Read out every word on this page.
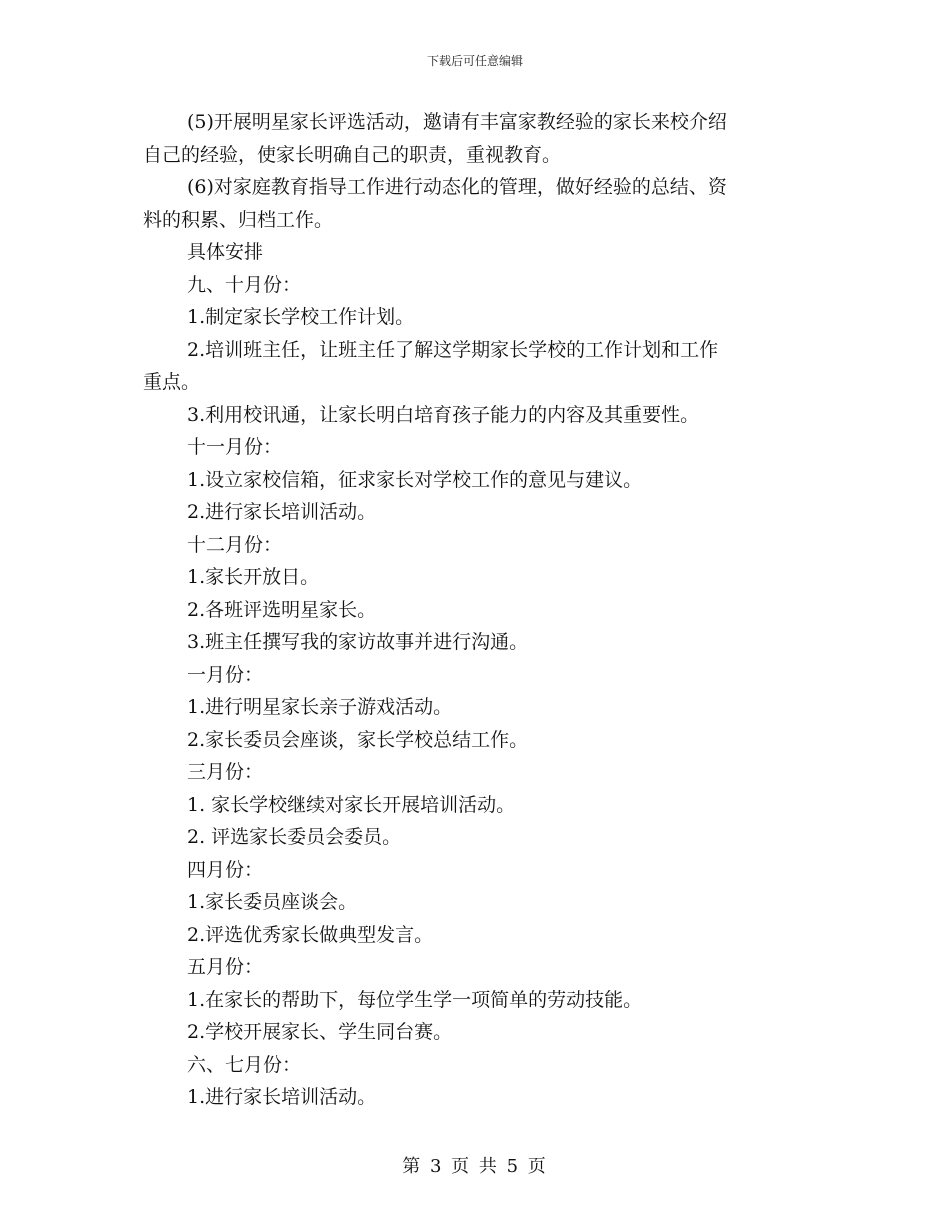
下载后可任意编辑
(5)开展明星家长评选活动，邀请有丰富家教经验的家长来校介绍
自己的经验，使家长明确自己的职责，重视教育。
(6)对家庭教育指导工作进行动态化的管理，做好经验的总结、资
料的积累、归档工作。
具体安排
九、十月份：
1.制定家长学校工作计划。
2.培训班主任，让班主任了解这学期家长学校的工作计划和工作
重点。
3.利用校讯通，让家长明白培育孩子能力的内容及其重要性。
十一月份：
1.设立家校信箱，征求家长对学校工作的意见与建议。
2.进行家长培训活动。
十二月份：
1.家长开放日。
2.各班评选明星家长。
3.班主任撰写我的家访故事并进行沟通。
一月份：
1.进行明星家长亲子游戏活动。
2.家长委员会座谈，家长学校总结工作。
三月份：
1. 家长学校继续对家长开展培训活动。
2. 评选家长委员会委员。
四月份：
1.家长委员座谈会。
2.评选优秀家长做典型发言。
五月份：
1.在家长的帮助下，每位学生学一项简单的劳动技能。
2.学校开展家长、学生同台赛。
六、七月份：
1.进行家长培训活动。
第 3 页 共 5 页
